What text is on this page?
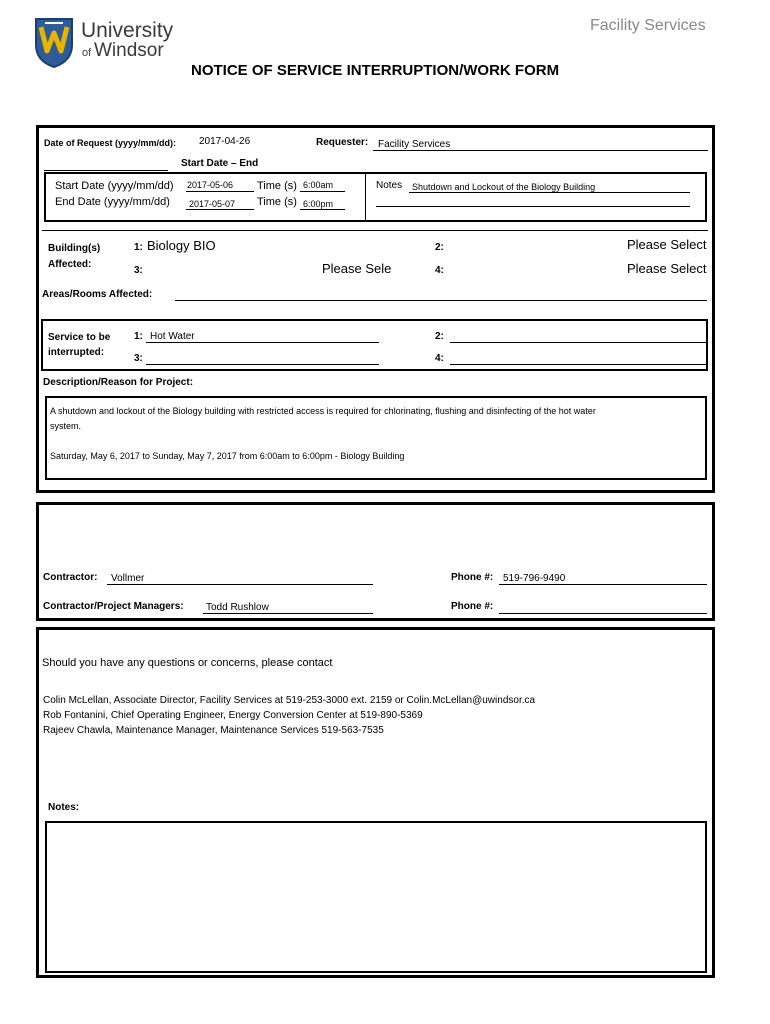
University
of Windsor
Facility Services
NOTICE OF SERVICE INTERRUPTION/WORK FORM
Date of Request (yyyy/mm/dd): 2017-04-26	Requester: Facility Services
Start Date – End
Start Date (yyyy/mm/dd) 2017-05-06 Time (s) 6:00am
End Date (yyyy/mm/dd) 2017-05-07 Time (s) 6:00pm
Notes Shutdown and Lockout of the Biology Building
Building(s)
Affected:
1: Biology BIO	2:	Please Select
3:	Please Sele	4:	Please Select
Areas/Rooms Affected:
Service to be
interrupted:
1: Hot Water	2:
3:	4:
Description/Reason for Project:
A shutdown and lockout of the Biology building with restricted access is required for chlorinating, flushing and disinfecting of the hot water
system.
Saturday, May 6, 2017 to Sunday, May 7, 2017 from 6:00am to 6:00pm - Biology Building
Contractor: Vollmer	Phone #: 519-796-9490
Contractor/Project Managers: Todd Rushlow	Phone #:
Should you have any questions or concerns, please contact
Colin McLellan, Associate Director, Facility Services at 519-253-3000 ext. 2159 or Colin.McLellan@uwindsor.ca
Rob Fontanini, Chief Operating Engineer, Energy Conversion Center at 519-890-5369
Rajeev Chawla, Maintenance Manager, Maintenance Services 519-563-7535
Notes:
